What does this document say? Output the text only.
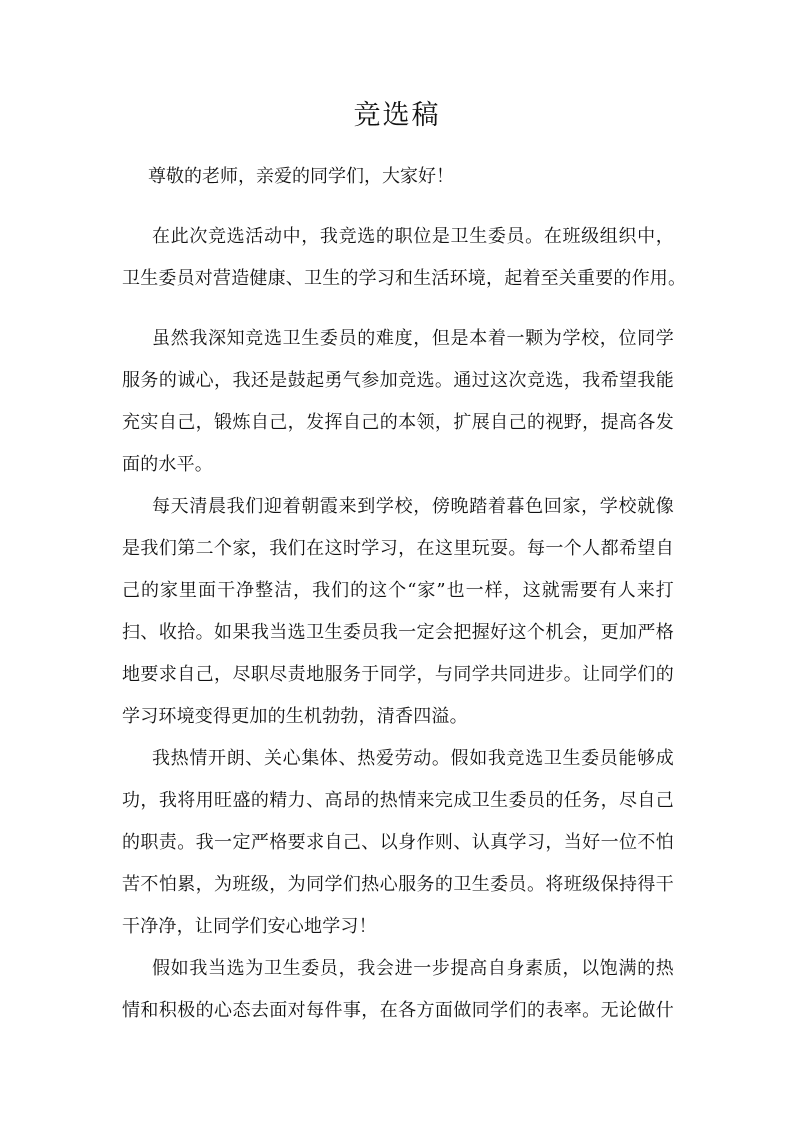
竞选稿

尊敬的老师，亲爱的同学们，大家好！

在此次竞选活动中，我竞选的职位是卫生委员。在班级组织中，

卫生委员对营造健康、卫生的学习和生活环境，起着至关重要的作用。

虽然我深知竞选卫生委员的难度，但是本着一颗为学校，位同学

服务的诚心，我还是鼓起勇气参加竞选。通过这次竞选，我希望我能

充实自己，锻炼自己，发挥自己的本领，扩展自己的视野，提高各发

面的水平。

每天清晨我们迎着朝霞来到学校，傍晚踏着暮色回家，学校就像

是我们第二个家，我们在这时学习，在这里玩耍。每一个人都希望自

己的家里面干净整洁，我们的这个“家”也一样，这就需要有人来打

扫、收拾。如果我当选卫生委员我一定会把握好这个机会，更加严格

地要求自己，尽职尽责地服务于同学，与同学共同进步。让同学们的

学习环境变得更加的生机勃勃，清香四溢。

我热情开朗、关心集体、热爱劳动。假如我竞选卫生委员能够成

功，我将用旺盛的精力、高昂的热情来完成卫生委员的任务，尽自己

的职责。我一定严格要求自己、以身作则、认真学习，当好一位不怕

苦不怕累，为班级，为同学们热心服务的卫生委员。将班级保持得干

干净净，让同学们安心地学习！

假如我当选为卫生委员，我会进一步提高自身素质，以饱满的热

情和积极的心态去面对每件事，在各方面做同学们的表率。无论做什
